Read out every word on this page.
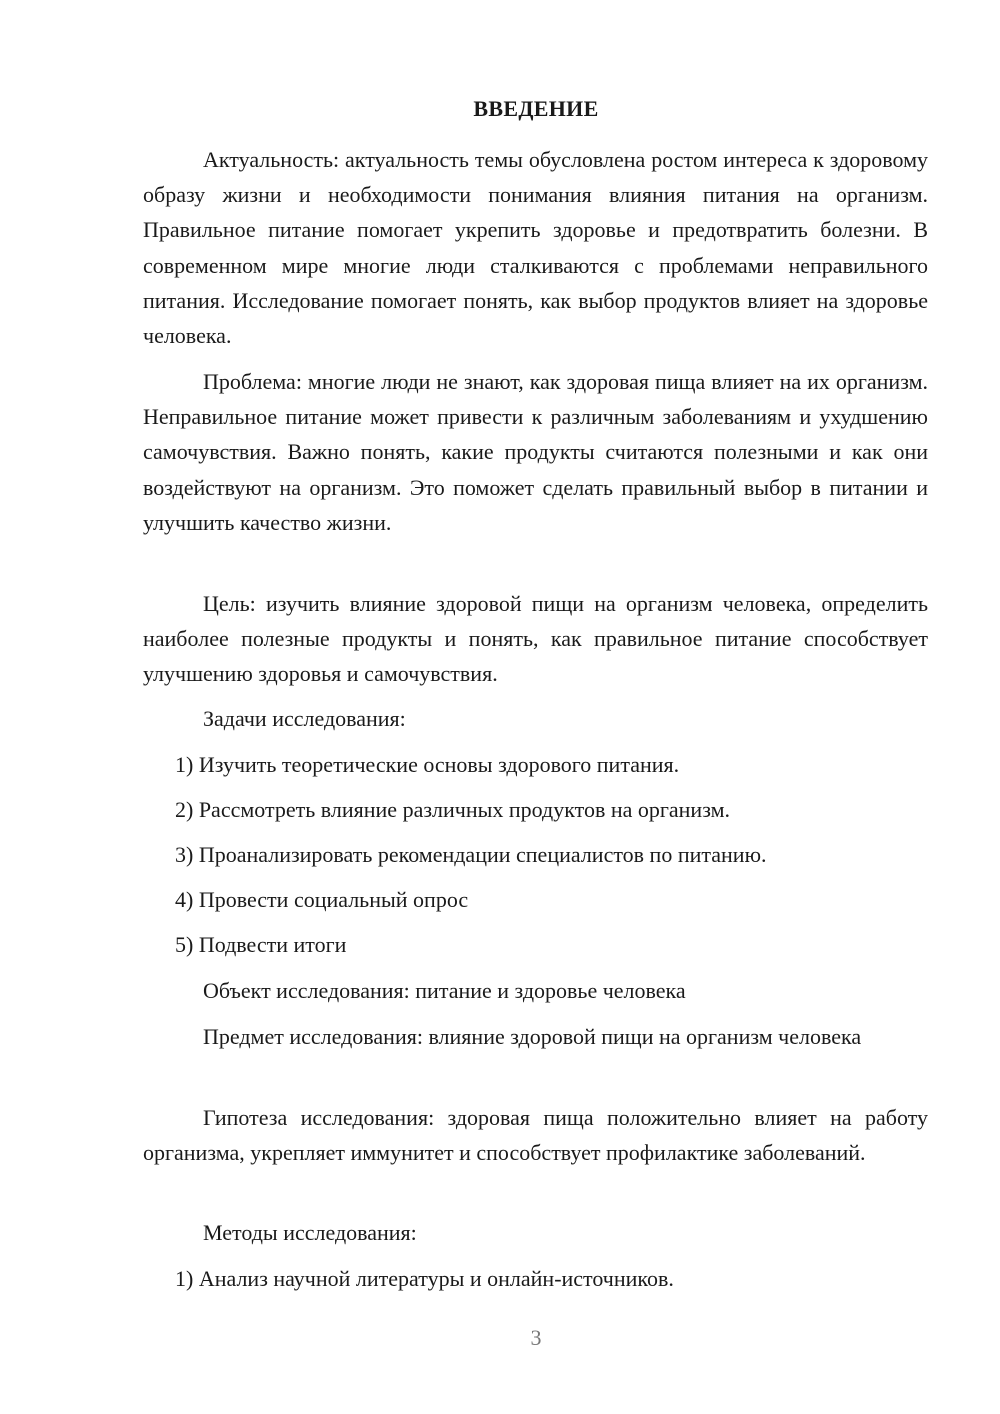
ВВЕДЕНИЕ

Актуальность: актуальность темы обусловлена ростом интереса к здоровому образу жизни и необходимости понимания влияния питания на организм. Правильное питание помогает укрепить здоровье и предотвратить болезни. В современном мире многие люди сталкиваются с проблемами неправильного питания. Исследование помогает понять, как выбор продуктов влияет на здоровье человека.

Проблема: многие люди не знают, как здоровая пища влияет на их организм. Неправильное питание может привести к различным заболеваниям и ухудшению самочувствия. Важно понять, какие продукты считаются полезными и как они воздействуют на организм. Это поможет сделать правильный выбор в питании и улучшить качество жизни.

Цель: изучить влияние здоровой пищи на организм человека, определить наиболее полезные продукты и понять, как правильное питание способствует улучшению здоровья и самочувствия.

Задачи исследования:

1) Изучить теоретические основы здорового питания.

2) Рассмотреть влияние различных продуктов на организм.

3) Проанализировать рекомендации специалистов по питанию.

4) Провести социальный опрос

5) Подвести итоги

Объект исследования: питание и здоровье человека

Предмет исследования: влияние здоровой пищи на организм человека

Гипотеза исследования: здоровая пища положительно влияет на работу организма, укрепляет иммунитет и способствует профилактике заболеваний.

Методы исследования:

1) Анализ научной литературы и онлайн-источников.

3
